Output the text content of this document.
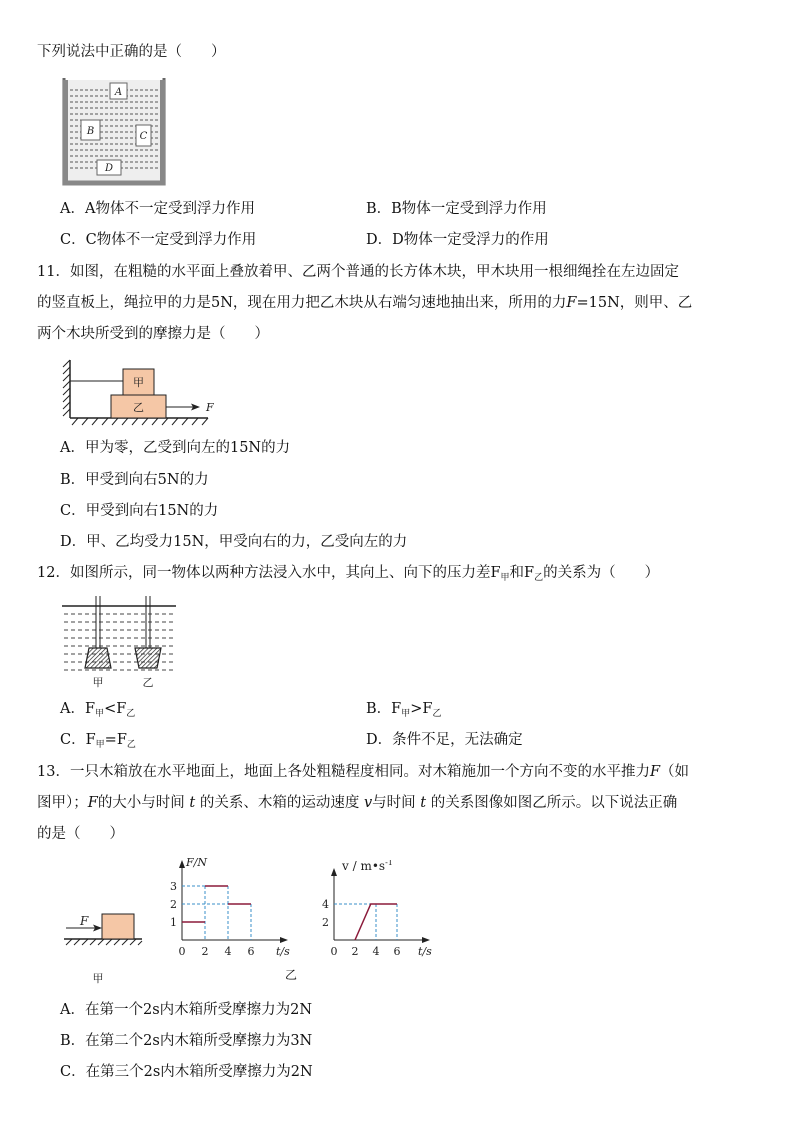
下列说法中正确的是（　　）
A
B	C
D
A．A物体不一定受到浮力作用	B．B物体一定受到浮力作用
C．C物体不一定受到浮力作用	D．D物体一定受浮力的作用
11．如图，在粗糙的水平面上叠放着甲、乙两个普通的长方体木块，甲木块用一根细绳拴在左边固定
的竖直板上，绳拉甲的力是5N，现在用力把乙木块从右端匀速地抽出来，所用的力F=15N，则甲、乙
两个木块所受到的摩擦力是（　　）
甲
乙	F
A．甲为零，乙受到向左的15N的力
B．甲受到向右5N的力
C．甲受到向右15N的力
D．甲、乙均受力15N，甲受向右的力，乙受向左的力
12．如图所示，同一物体以两种方法浸入水中，其向上、向下的压力差$F_甲$和$F_乙$的关系为（　　）
甲	乙
A．$F_甲<F_乙$	B．$F_甲>F_乙$
C．$F_甲=F_乙$	D．条件不足，无法确定
13．一只木箱放在水平地面上，地面上各处粗糙程度相同。对木箱施加一个方向不变的水平推力F（如
图甲）；F的大小与时间 t 的关系、木箱的运动速度 v与时间 t 的关系图像如图乙所示。以下说法正确
的是（　　）
F
甲
0 2 4 6
1
2
3
F/N
t/s	0 2 4 6
2
4
v / $m•s^{-1}$
t/s
乙
A．在第一个2s内木箱所受摩擦力为2N
B．在第二个2s内木箱所受摩擦力为3N
C．在第三个2s内木箱所受摩擦力为2N
